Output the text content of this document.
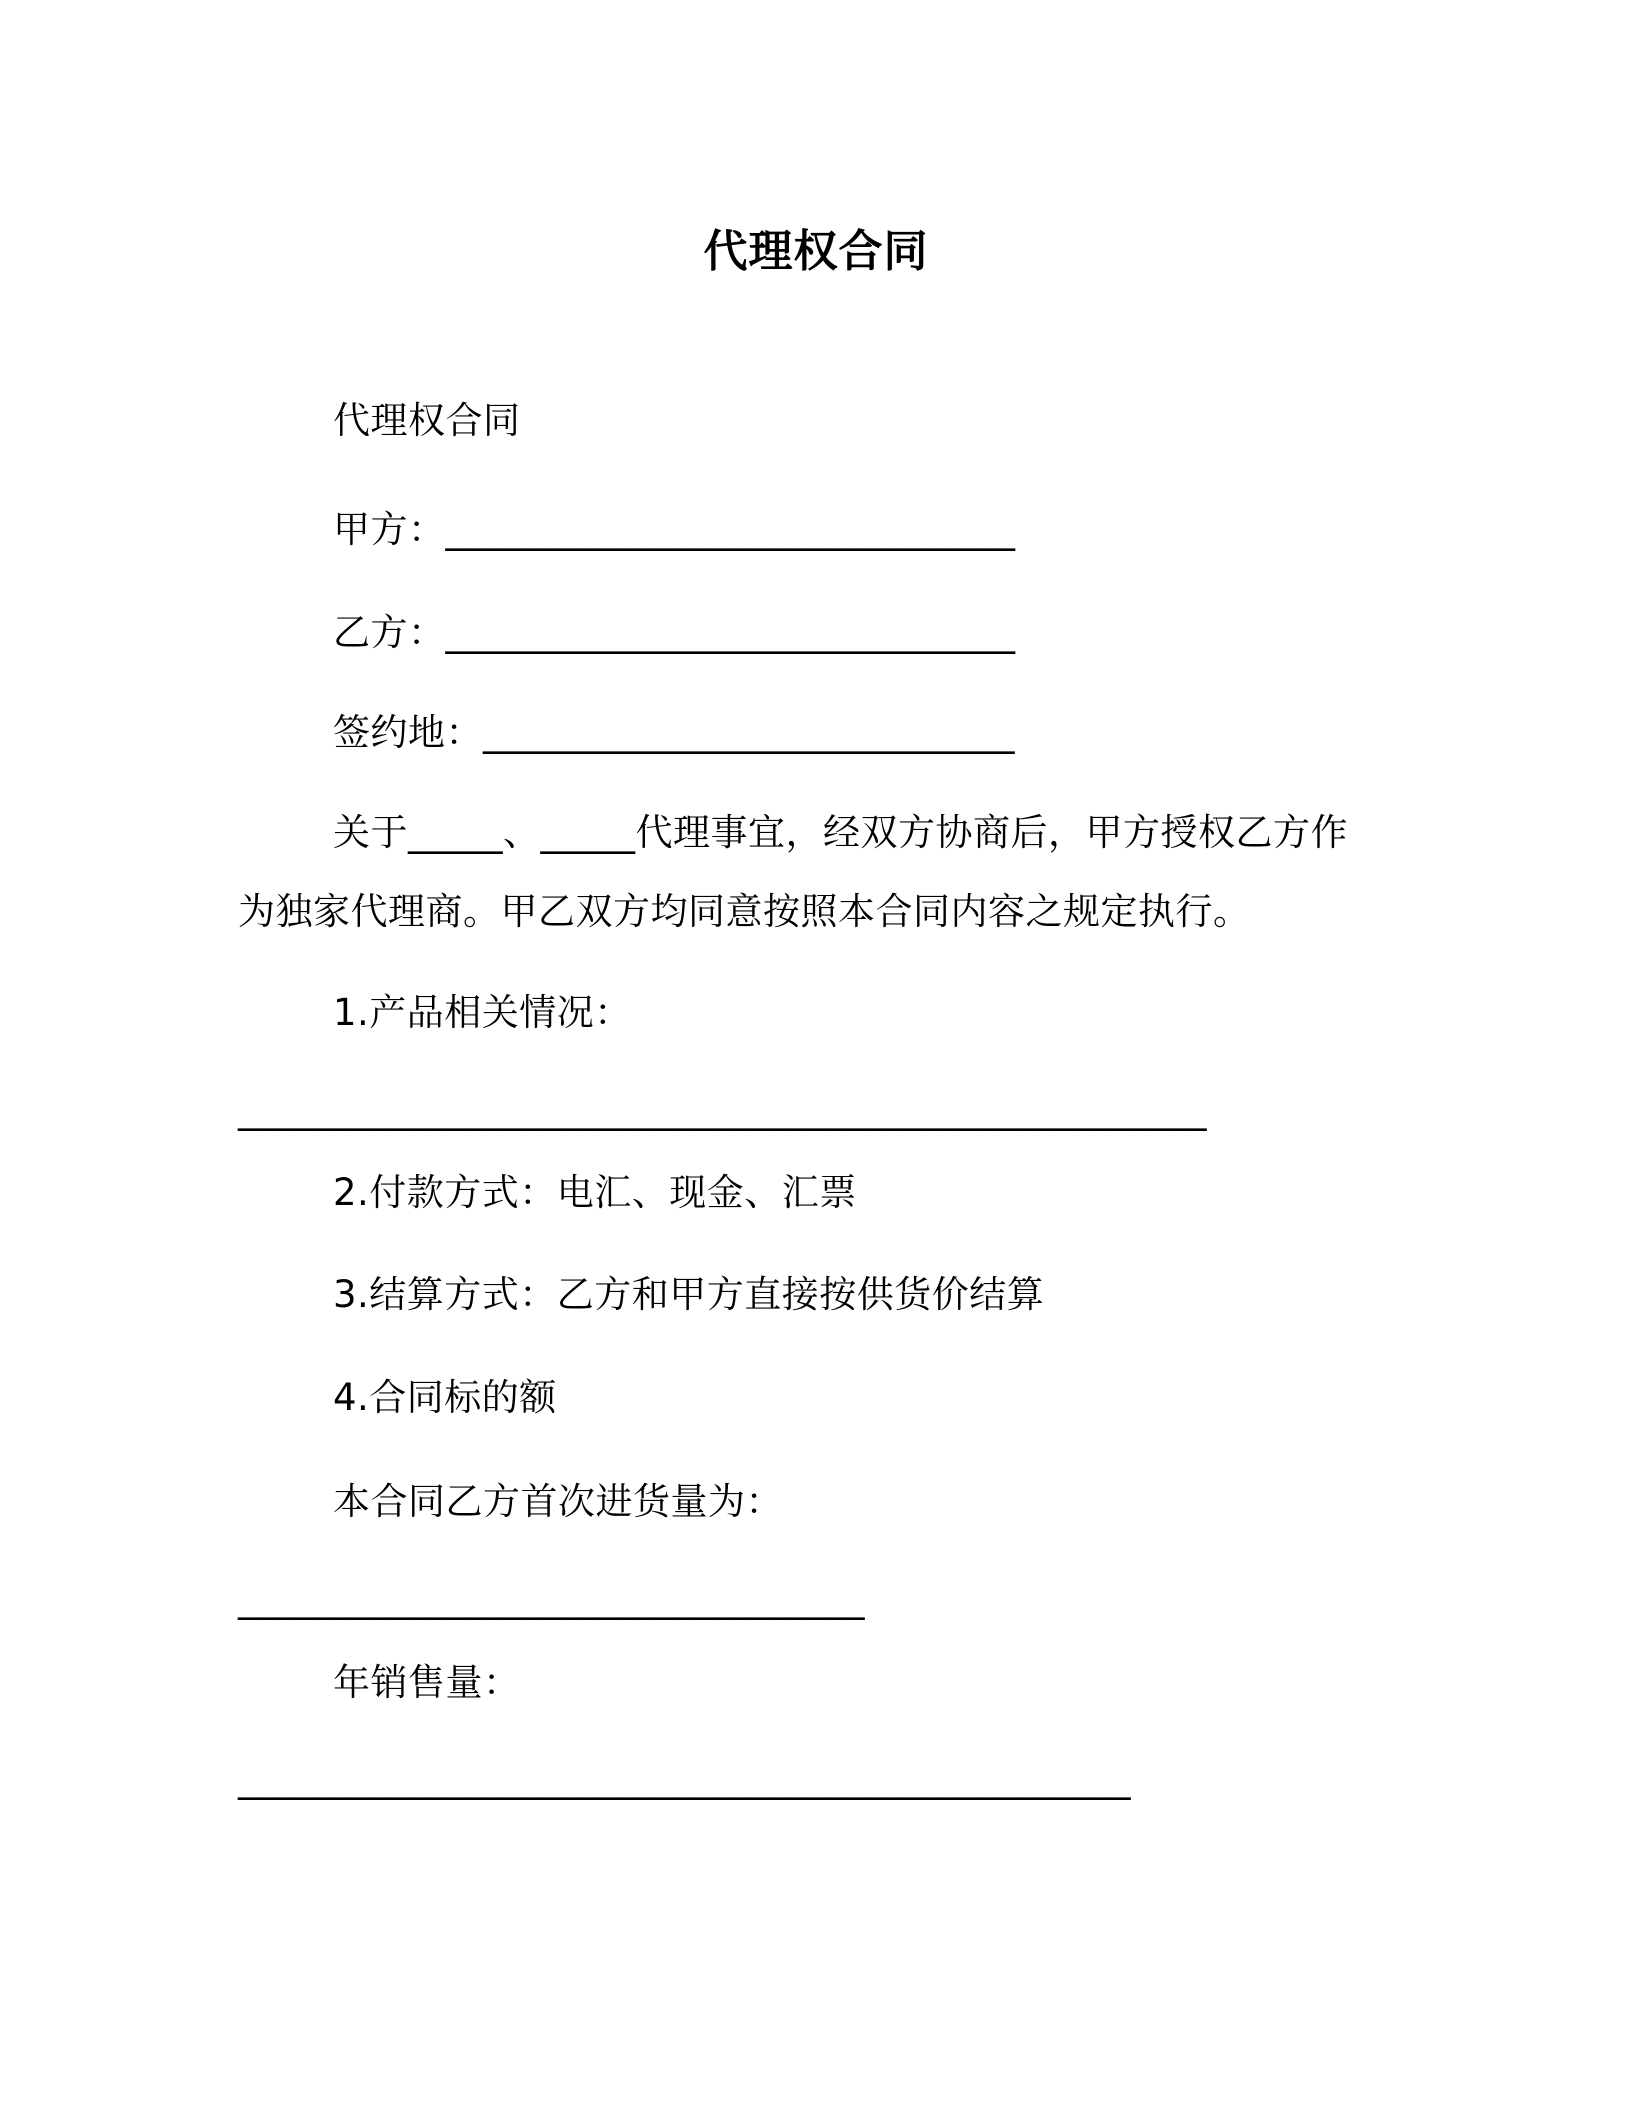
代理权合同
代理权合同
甲方：______________________________
乙方：______________________________
签约地：____________________________
关于_____、_____代理事宜，经双方协商后，甲方授权乙方作
为独家代理商。甲乙双方均同意按照本合同内容之规定执行。
1.产品相关情况：
___________________________________________________
2.付款方式：电汇、现金、汇票
3.结算方式：乙方和甲方直接按供货价结算
4.合同标的额
本合同乙方首次进货量为：
_________________________________
年销售量：
_______________________________________________
